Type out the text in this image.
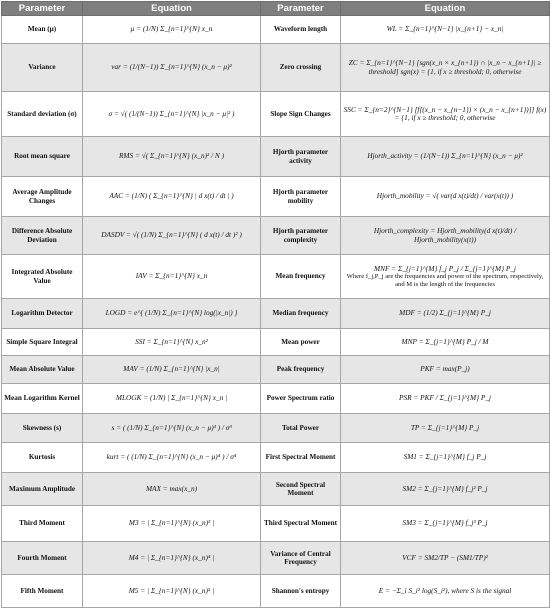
Parameter	Equation	Parameter	Equation
Mean (μ)	μ = (1/N) Σ_{n=1}^{N} x_n	Waveform length	WL = Σ_{n=1}^{N−1} |x_{n+1} − x_n|
Variance	var = (1/(N−1)) Σ_{n=1}^{N} (x_n − μ)²	Zero crossing	ZC = Σ_{n=1}^{N−1} [sgn(x_n × x_{n+1}) ∩ |x_n − x_{n+1}| ≥ threshold] sgn(x) = {1, if x ≥ threshold; 0, otherwise
Standard deviation (σ)	σ = √( (1/(N−1)) Σ_{n=1}^{N} |x_n − μ|² )	Slope Sign Changes	SSC = Σ_{n=2}^{N−1} [f[(x_n − x_{n−1}) × (x_n − x_{n+1})]] f(x) = {1, if x ≥ threshold; 0, otherwise
Root mean square	RMS = √( Σ_{n=1}^{N} (x_n)² / N )	Hjorth parameter activity	Hjorth_activity = (1/(N−1)) Σ_{n=1}^{N} (x_n − μ)²
Average Amplitude Changes	AAC = (1/N) ( Σ_{n=1}^{N} | d x(t) / dt | )	Hjorth parameter mobility	Hjorth_mobility = √( var(d x(t)/dt) / var(x(t)) )
Difference Absolute Deviation	DASDV = √( (1/N) Σ_{n=1}^{N} ( d x(t) / dt )² )	Hjorth parameter complexity	Hjorth_complexity = Hjorth_mobility(d x(t)/dt) / Hjorth_mobility(x(t))
Integrated Absolute Value	IAV = Σ_{n=1}^{N} x_n	Mean frequency	MNF = Σ_{j=1}^{M} f_j P_j / Σ_{j=1}^{M} P_j
Where f_j,P_j are the frequencies and power of the spectrum, respectively, and M is the length of the frequencies

Logarithm Detector	LOGD = e^{ (1/N) Σ_{n=1}^{N} log(|x_n|) }	Median frequency	MDF = (1/2) Σ_{j=1}^{M} P_j
Simple Square Integral	SSI = Σ_{n=1}^{N} x_n²	Mean power	MNP = Σ_{j=1}^{M} P_j / M
Mean Absolute Value	MAV = (1/N) Σ_{n=1}^{N} |x_n|	Peak frequency	PKF = max(P_j)
Mean Logarithm Kernel	MLOGK = (1/N) | Σ_{n=1}^{N} x_n |	Power Spectrum ratio	PSR = PKF / Σ_{j=1}^{M} P_j
Skewness (s)	s = ( (1/N) Σ_{n=1}^{N} (x_n − μ)³ ) / σ³	Total Power	TP = Σ_{j=1}^{M} P_j
Kurtosis	kurt = ( (1/N) Σ_{n=1}^{N} (x_n − μ)⁴ ) / σ⁴	First Spectral Moment	SM1 = Σ_{j=1}^{M} f_j P_j
Maximum Amplitude	MAX = max(x_n)	Second Spectral Moment	SM2 = Σ_{j=1}^{M} f_j² P_j
Third Moment	M3 = | Σ_{n=1}^{N} (x_n)³ |	Third Spectral Moment	SM3 = Σ_{j=1}^{M} f_j³ P_j
Fourth Moment	M4 = | Σ_{n=1}^{N} (x_n)⁴ |	Variance of Central Frequency	VCF = SM2/TP − (SM1/TP)²
Fifth Moment	M5 = | Σ_{n=1}^{N} (x_n)⁵ |	Shannon's entropy	E = −Σ_i S_i² log(S_i²), where S is the signal
